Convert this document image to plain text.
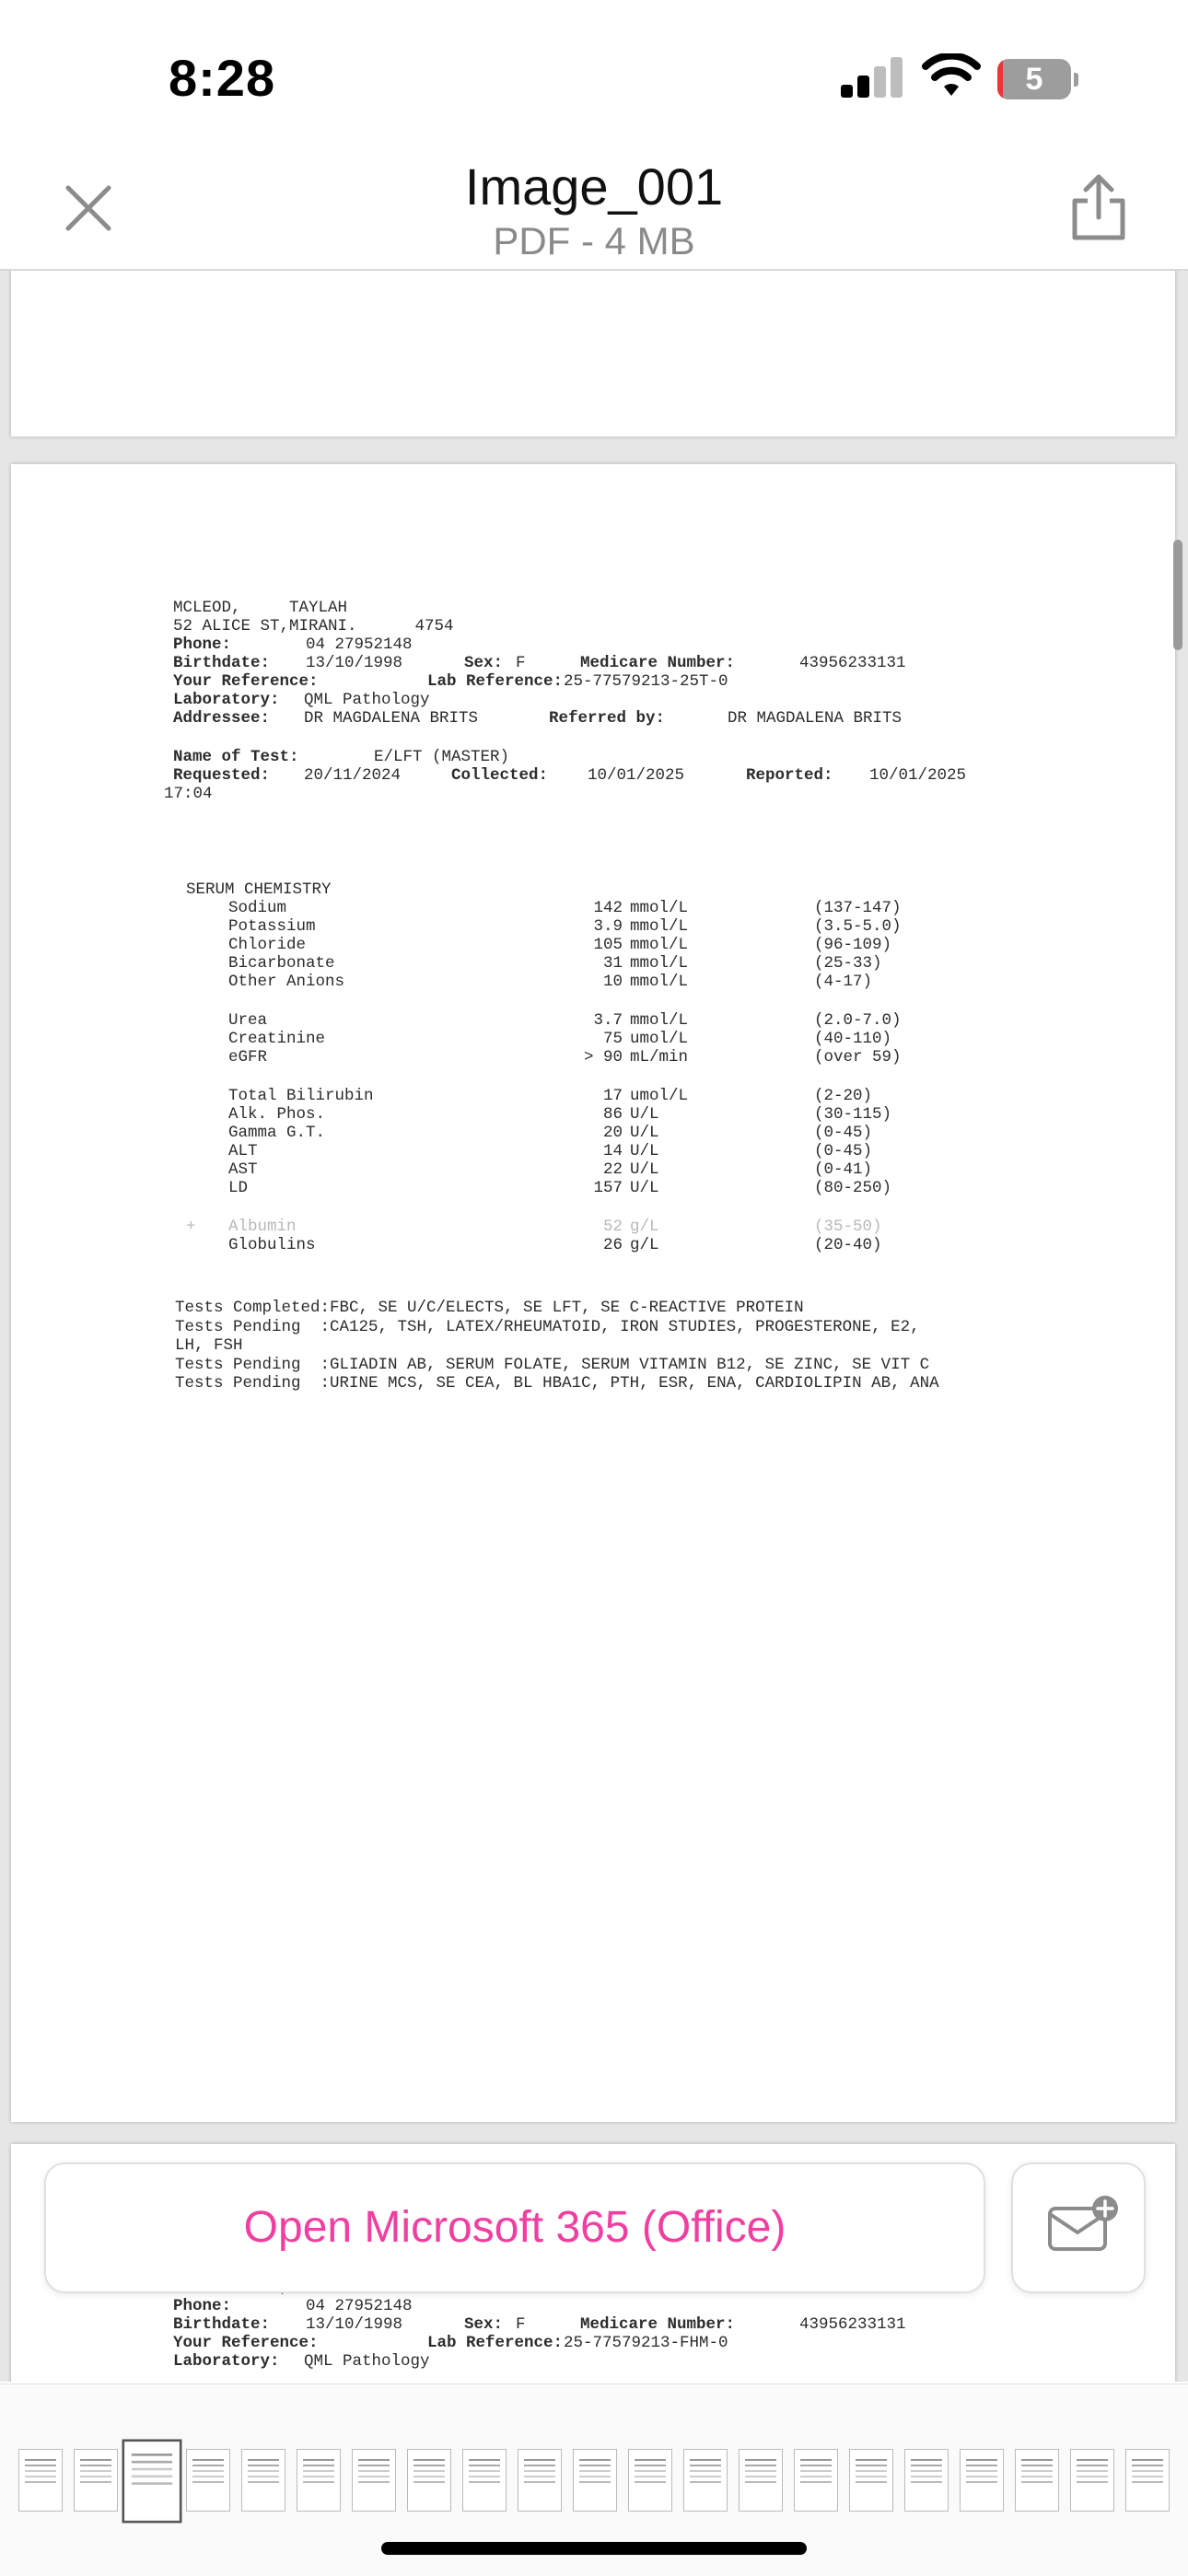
8:28	5
Image_001
PDF - 4 MB
MCLEOD,     TAYLAH
52 ALICE ST,MIRANI.      4754
Phone:	04 27952148
Birthdate: 13/10/1998	Sex: F	Medicare Number:	43956233131
Your Reference:	Lab Reference: 25-77579213-25T-0
Laboratory: QML Pathology
Addressee: DR MAGDALENA BRITS	Referred by:	DR MAGDALENA BRITS
Name of Test:	E/LFT (MASTER)
Requested: 20/11/2024	Collected: 10/01/2025	Reported: 10/01/2025
17:04
SERUM CHEMISTRY
Sodium	142 mmol/L	(137-147)
Potassium	3.9 mmol/L	(3.5-5.0)
Chloride	105 mmol/L	(96-109)
Bicarbonate	31 mmol/L	(25-33)
Other Anions	10 mmol/L	(4-17)
Urea	3.7 mmol/L	(2.0-7.0)
Creatinine	75 umol/L	(40-110)
eGFR	> 90 mL/min	(over 59)
Total Bilirubin	17 umol/L	(2-20)
Alk. Phos.	86 U/L	(30-115)
Gamma G.T.	20 U/L	(0-45)
ALT	14 U/L	(0-45)
AST	22 U/L	(0-41)
LD	157 U/L	(80-250)
+ Albumin	52 g/L	(35-50)
Globulins	26 g/L	(20-40)
Tests Completed:FBC, SE U/C/ELECTS, SE LFT, SE C-REACTIVE PROTEIN
Tests Pending  :CA125, TSH, LATEX/RHEUMATOID, IRON STUDIES, PROGESTERONE, E2,
LH, FSH
Tests Pending  :GLIADIN AB, SERUM FOLATE, SERUM VITAMIN B12, SE ZINC, SE VIT C
Tests Pending  :URINE MCS, SE CEA, BL HBA1C, PTH, ESR, ENA, CARDIOLIPIN AB, ANA
Phone:	04 27952148
Birthdate: 13/10/1998	Sex: F	Medicare Number:	43956233131
Your Reference:	Lab Reference: 25-77579213-FHM-0
Laboratory: QML Pathology
Open Microsoft 365 (Office)
